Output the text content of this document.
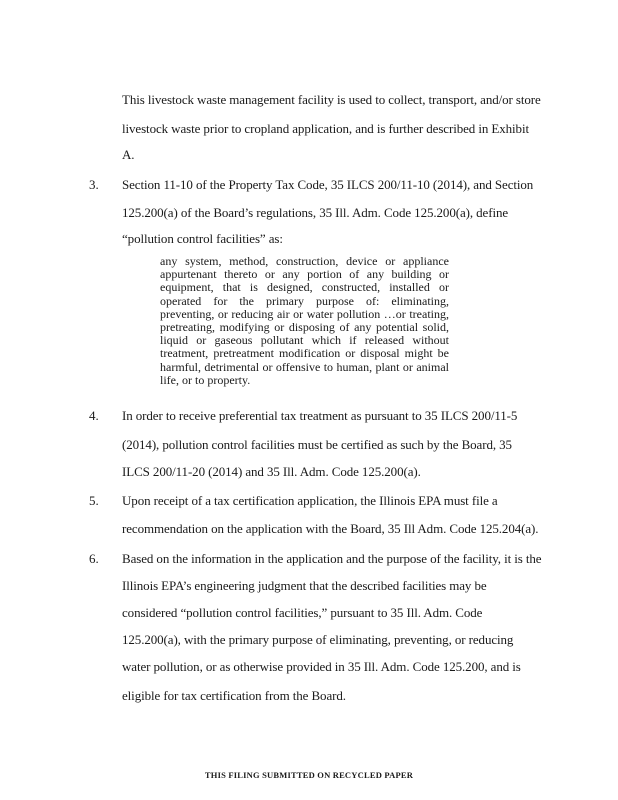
This livestock waste management facility is used to collect, transport, and/or store
livestock waste prior to cropland application, and is further described in Exhibit
A.
3. Section 11-10 of the Property Tax Code, 35 ILCS 200/11-10 (2014), and Section
125.200(a) of the Board’s regulations, 35 Ill. Adm. Code 125.200(a), define
“pollution control facilities” as:
any system, method, construction, device or appliance
appurtenant thereto or any portion of any building or
equipment, that is designed, constructed, installed or
operated for the primary purpose of: eliminating,
preventing, or reducing air or water pollution …or treating,
pretreating, modifying or disposing of any potential solid,
liquid or gaseous pollutant which if released without
treatment, pretreatment modification or disposal might be
harmful, detrimental or offensive to human, plant or animal
life, or to property.
4. In order to receive preferential tax treatment as pursuant to 35 ILCS 200/11-5
(2014), pollution control facilities must be certified as such by the Board, 35
ILCS 200/11-20 (2014) and 35 Ill. Adm. Code 125.200(a).
5. Upon receipt of a tax certification application, the Illinois EPA must file a
recommendation on the application with the Board, 35 Ill Adm. Code 125.204(a).
6. Based on the information in the application and the purpose of the facility, it is the
Illinois EPA’s engineering judgment that the described facilities may be
considered “pollution control facilities,” pursuant to 35 Ill. Adm. Code
125.200(a), with the primary purpose of eliminating, preventing, or reducing
water pollution, or as otherwise provided in 35 Ill. Adm. Code 125.200, and is
eligible for tax certification from the Board.
THIS FILING SUBMITTED ON RECYCLED PAPER
